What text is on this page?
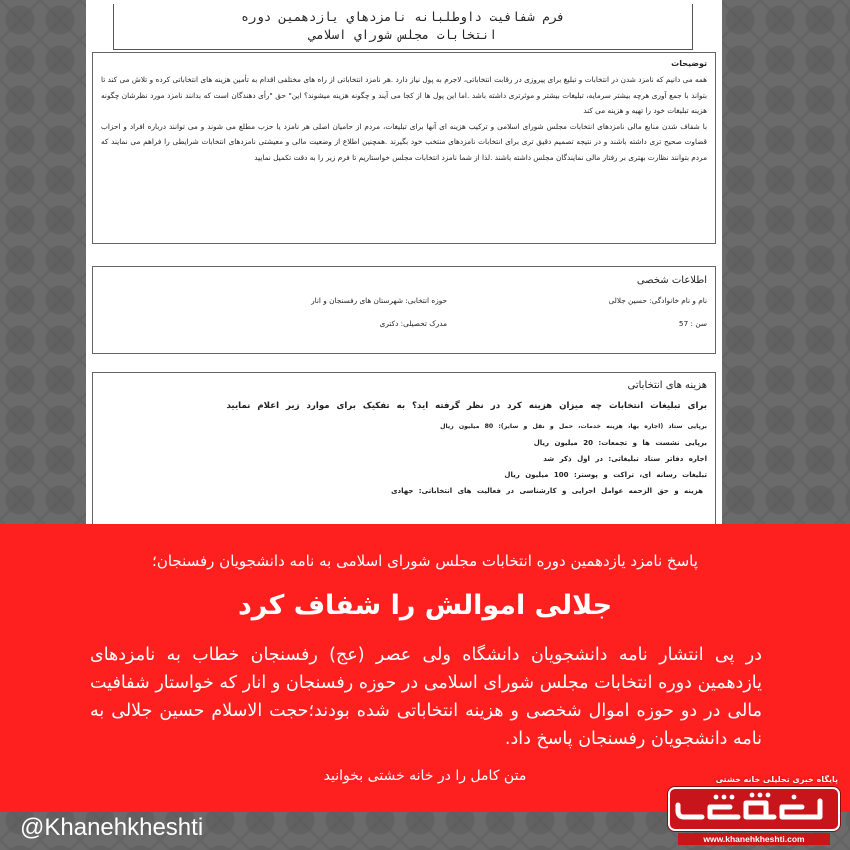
فرم شفافيت داوطلبانه نامزدهاي يازدهمين دوره
انتخابات مجلس شوراي اسلامي
توضیحات
همه می دانیم که نامزد شدن در انتخابات و تبلیغ برای پیروزی در رقابت انتخاباتی، لاجرم به پول نیاز دارد .هر نامزد انتخاباتی از راه های مختلفی اقدام به تأمین هزینه های انتخاباتی کرده و تلاش می کند تا بتواند با جمع آوری هرچه بیشتر سرمایه، تبلیغات بیشتر و موثرتری داشته باشد .اما این پول ها از کجا می آیند و چگونه هزینه میشوند؟ این" حق "رأی دهندگان است که بدانند نامزد مورد نظرشان چگونه هزینه تبلیغات خود را تهیه و هزینه می کند
با شفاف شدن منابع مالی نامزدهای انتخابات مجلس شورای اسلامی و ترکیب هزینه ای آنها برای تبلیغات، مردم از حامیان اصلی هر نامزد یا حزب مطلع می شوند و می توانند درباره افراد و احزاب قضاوت صحیح تری داشته باشند و در نتیجه تصمیم دقیق تری برای انتخابات نامزدهای منتخب خود بگیرند .همچنین اطلاع از وضعیت مالی و معیشتی نامزدهای انتخابات شرایطی را فراهم می نمایند که مردم بتوانند نظارت بهتری بر رفتار مالی نمایندگان مجلس داشته باشند .لذا از شما نامزد انتخابات مجلس خواستاریم تا فرم زیر را به دقت تکمیل نمایید
اطلاعات شخصی
نام و نام خانوادگی: حسین جلالی
حوزه انتخابی: شهرستان های رفسنجان و انار
سن : 57
مدرک تحصیلی: دکتری
هزینه های انتخاباتی
برای تبلیغات انتخابات چه میزان هزینه کرد در نظر گرفته اید؟ به تفکیک برای موارد زیر اعلام نمایید
برپایی ستاد (اجاره بها، هزینه خدمات، حمل و نقل و سایر): 80 میلیون ریال
برپایی نشست ها و تجمعات: 20 میلیون ریال
اجاره دفاتر ستاد تبلیغاتی: در اول ذکر شد
تبلیغات رسانه ای، تراکت و پوستر: 100 میلیون ریال
هزینه و حق الزحمه عوامل اجرایی و کارشناسی در فعالیت های انتخاباتی: جهادی
پاسخ نامزد یازدهمین دوره انتخابات مجلس شورای اسلامی به نامه دانشجویان رفسنجان؛
جلالی اموالش را شفاف کرد
در پی انتشار نامه دانشجویان دانشگاه ولی عصر (عج) رفسنجان خطاب به نامزدهای یازدهمین دوره انتخابات مجلس شورای اسلامی در حوزه رفسنجان و انار که خواستار شفافیت مالی در دو حوزه اموال شخصی و هزینه انتخاباتی شده بودند؛حجت الاسلام حسین جلالی به نامه دانشجویان رفسنجان پاسخ داد.
متن کامل را در خانه خشتی بخوانید
@Khanehkheshti
پایگاه خبری تحلیلی خانه خشتی
www.khanehkheshti.com
